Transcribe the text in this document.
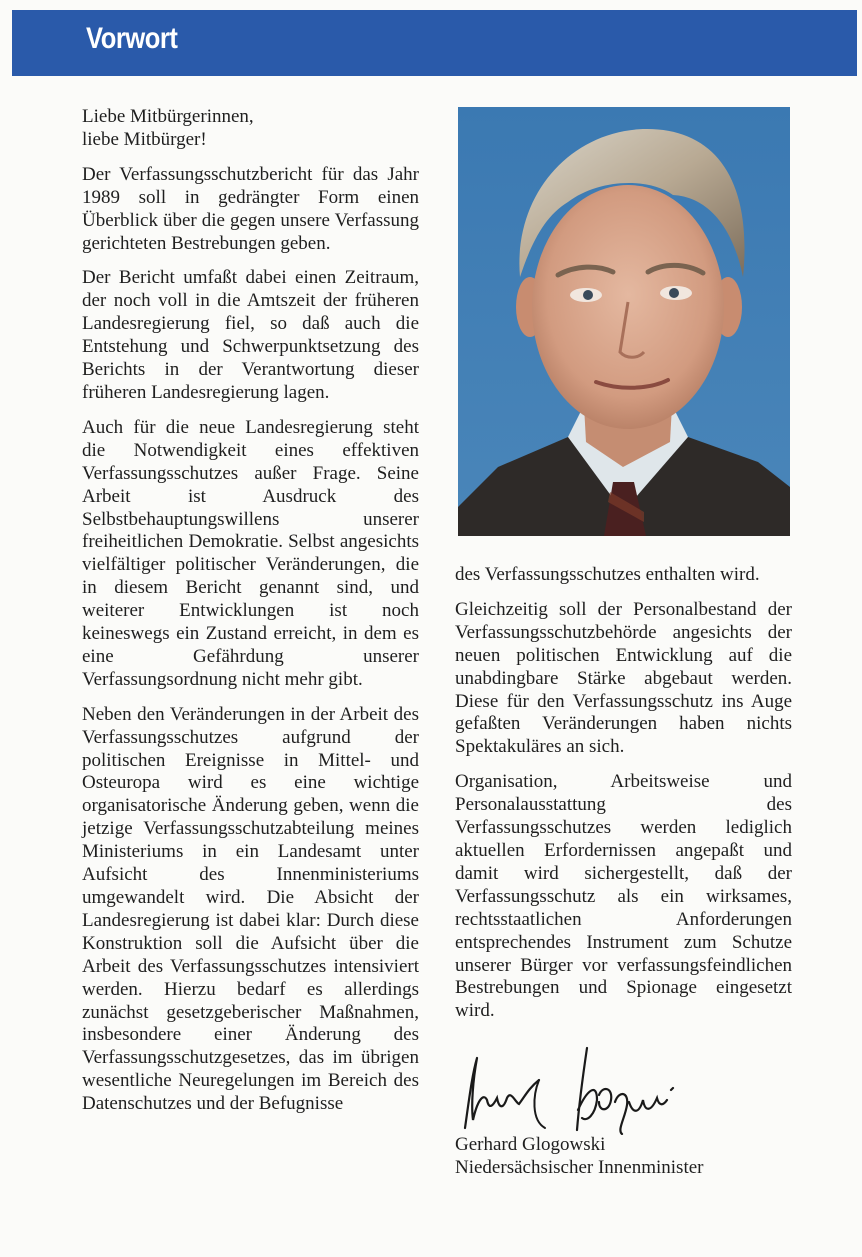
Vorwort

Liebe Mitbürgerinnen,
liebe Mitbürger!

Der Verfassungsschutzbericht für das Jahr 1989 soll in gedrängter Form einen Überblick über die gegen unsere Verfassung gerichteten Bestrebungen geben.

Der Bericht umfaßt dabei einen Zeitraum, der noch voll in die Amtszeit der früheren Landesregierung fiel, so daß auch die Entstehung und Schwerpunktsetzung des Berichts in der Verantwortung dieser früheren Landesregierung lagen.

Auch für die neue Landesregierung steht die Notwendigkeit eines effektiven Verfassungsschutzes außer Frage. Seine Arbeit ist Ausdruck des Selbstbehauptungswillens unserer freiheitlichen Demokratie. Selbst angesichts vielfältiger politischer Veränderungen, die in diesem Bericht genannt sind, und weiterer Entwicklungen ist noch keineswegs ein Zustand erreicht, in dem es eine Gefährdung unserer Verfassungsordnung nicht mehr gibt.

Neben den Veränderungen in der Arbeit des Verfassungsschutzes aufgrund der politischen Ereignisse in Mittel- und Osteuropa wird es eine wichtige organisatorische Änderung geben, wenn die jetzige Verfassungsschutzabteilung meines Ministeriums in ein Landesamt unter Aufsicht des Innenministeriums umgewandelt wird. Die Absicht der Landesregierung ist dabei klar: Durch diese Konstruktion soll die Aufsicht über die Arbeit des Verfassungsschutzes intensiviert werden. Hierzu bedarf es allerdings zunächst gesetzgeberischer Maßnahmen, insbesondere einer Änderung des Verfassungsschutzgesetzes, das im übrigen wesentliche Neuregelungen im Bereich des Datenschutzes und der Befugnisse

des Verfassungsschutzes enthalten wird.

Gleichzeitig soll der Personalbestand der Verfassungsschutzbehörde angesichts der neuen politischen Entwicklung auf die unabdingbare Stärke abgebaut werden. Diese für den Verfassungsschutz ins Auge gefaßten Veränderungen haben nichts Spektakuläres an sich.

Organisation, Arbeitsweise und Personalausstattung des Verfassungsschutzes werden lediglich aktuellen Erfordernissen angepaßt und damit wird sichergestellt, daß der Verfassungsschutz als ein wirksames, rechtsstaatlichen Anforderungen entsprechendes Instrument zum Schutze unserer Bürger vor verfassungsfeindlichen Bestrebungen und Spionage eingesetzt wird.

Gerhard Glogowski
Niedersächsischer Innenminister
